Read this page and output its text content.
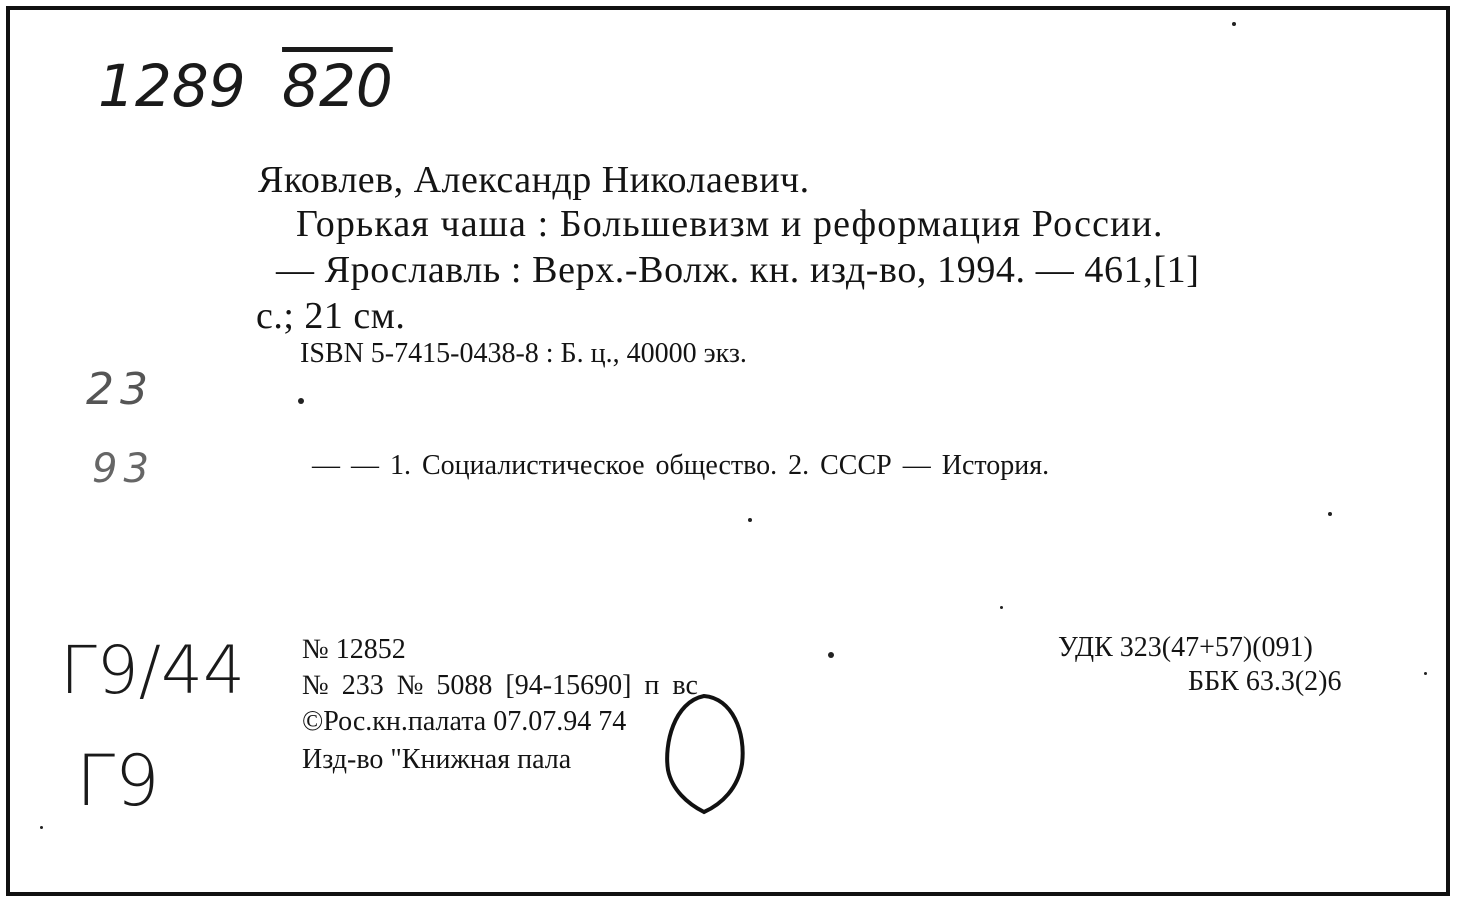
1289 820
23
93
Г9/44
Г9
Яковлев, Александр Николаевич.
Горькая чаша : Большевизм и реформация России.
— Ярославль : Верх.-Волж. кн. изд-во, 1994. — 461,[1]
с.; 21 см.
ISBN 5-7415-0438-8 : Б. ц., 40000 экз.
— — 1. Социалистическое общество. 2. СССР — История.
№ 12852
№ 233 № 5088 [94-15690] п вс
©Рос.кн.палата 07.07.94 74
Изд-во "Книжная пала
УДК 323(47+57)(091)
ББК 63.3(2)6
